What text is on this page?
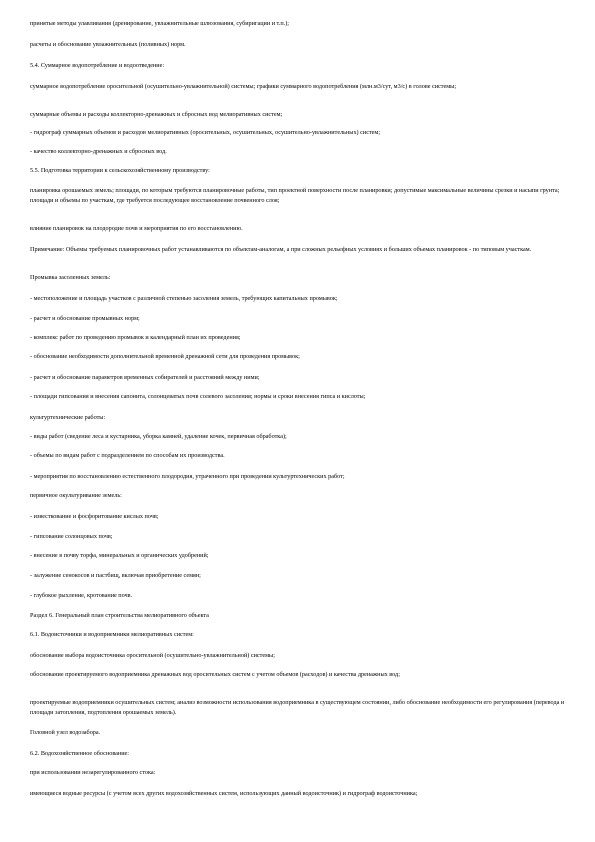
принятые методы улавливания (дренирование, увлажнительные шлюзования, субиригации и т.п.);

расчеты и обоснование увлажнительных (поливных) норм.

5.4. Суммарное водопотребление и водоотведение:

суммарное водопотребление оросительной (осушительно-увлажнительной) системы; графики суммарного водопотребления (млн.м3/сут, м3/с) в голове системы;

суммарные объемы и расходы коллекторно-дренажных и сбросных вод мелиоративных систем;

- гидрограф суммарных объемов и расходов мелиоративных (оросительных, осушительных, осушительно-увлажнительных) систем;

- качество коллекторно-дренажных и сбросных вод.

5.5. Подготовка территории к сельскохозяйственному производству:

планировка орошаемых земель; площади, по которым требуются планировочные работы, тип проектной поверхности после планировки; допустимые максимальные величины срезки и насыпи грунта; площади и объемы по участкам, где требуется последующее восстановление почвенного слоя;

влияние планировок на плодородие почв и мероприятия по его восстановлению.

Примечание: Объемы требуемых планировочных работ устанавливаются по объектам-аналогам, а при сложных рельефных условиях и больших объемах планировок - по типовым участкам.

Промывка засоленных земель:

- местоположение и площадь участков с различной степенью засоления земель, требующих капитальных промывок;

- расчет и обоснование промывных норм;

- комплекс работ по проведению промывок и календарный план их проведения;

- обоснование необходимости дополнительной временной дренажной сети для проведения промывок;

- расчет и обоснование параметров временных собирателей и расстояний между ними;

- площади гипсования и внесения сапонита, солонцеватых почв солевого засоления; нормы и сроки внесения гипса и кислоты;

культуртехнические работы:

- виды работ (сведение леса и кустарника, уборка камней, удаление кочек, первичная обработка);

- объемы по видам работ с подразделением по способам их производства.

- мероприятия по восстановлению естественного плодородия, утраченного при проведении культуртехнических работ;

первичное окультуривание земель:

- известкование и фосфоритование кислых почв;

- гипсование солонцовых почв;

- внесение в почву торфа, минеральных и органических удобрений;

- залужение сенокосов и пастбищ, включая приобретение семян;

- глубокое рыхление, кротование почв.

Раздел 6. Генеральный план строительства мелиоративного объекта

6.1. Водоисточники и водоприемники мелиоративных систем:

обоснование выбора водоисточника оросительной (осушительно-увлажнительной) системы;

обоснование проектируемого водоприемника дренажных вод оросительных систем с учетом объемов (расходов) и качества дренажных вод;

проектируемые водоприемники осушительных систем; анализ возможности использования водоприемника в существующем состоянии, либо обоснование необходимости его регулирования (перевода и площади затопления, подтопления орошаемых земель).

Головной узел водозабора.

6.2. Водохозяйственное обоснование:

при использовании незарегулированного стока:

имеющиеся водные ресурсы (с учетом всех других водохозяйственных систем, использующих данный водоисточник) и гидрограф водоисточника;
